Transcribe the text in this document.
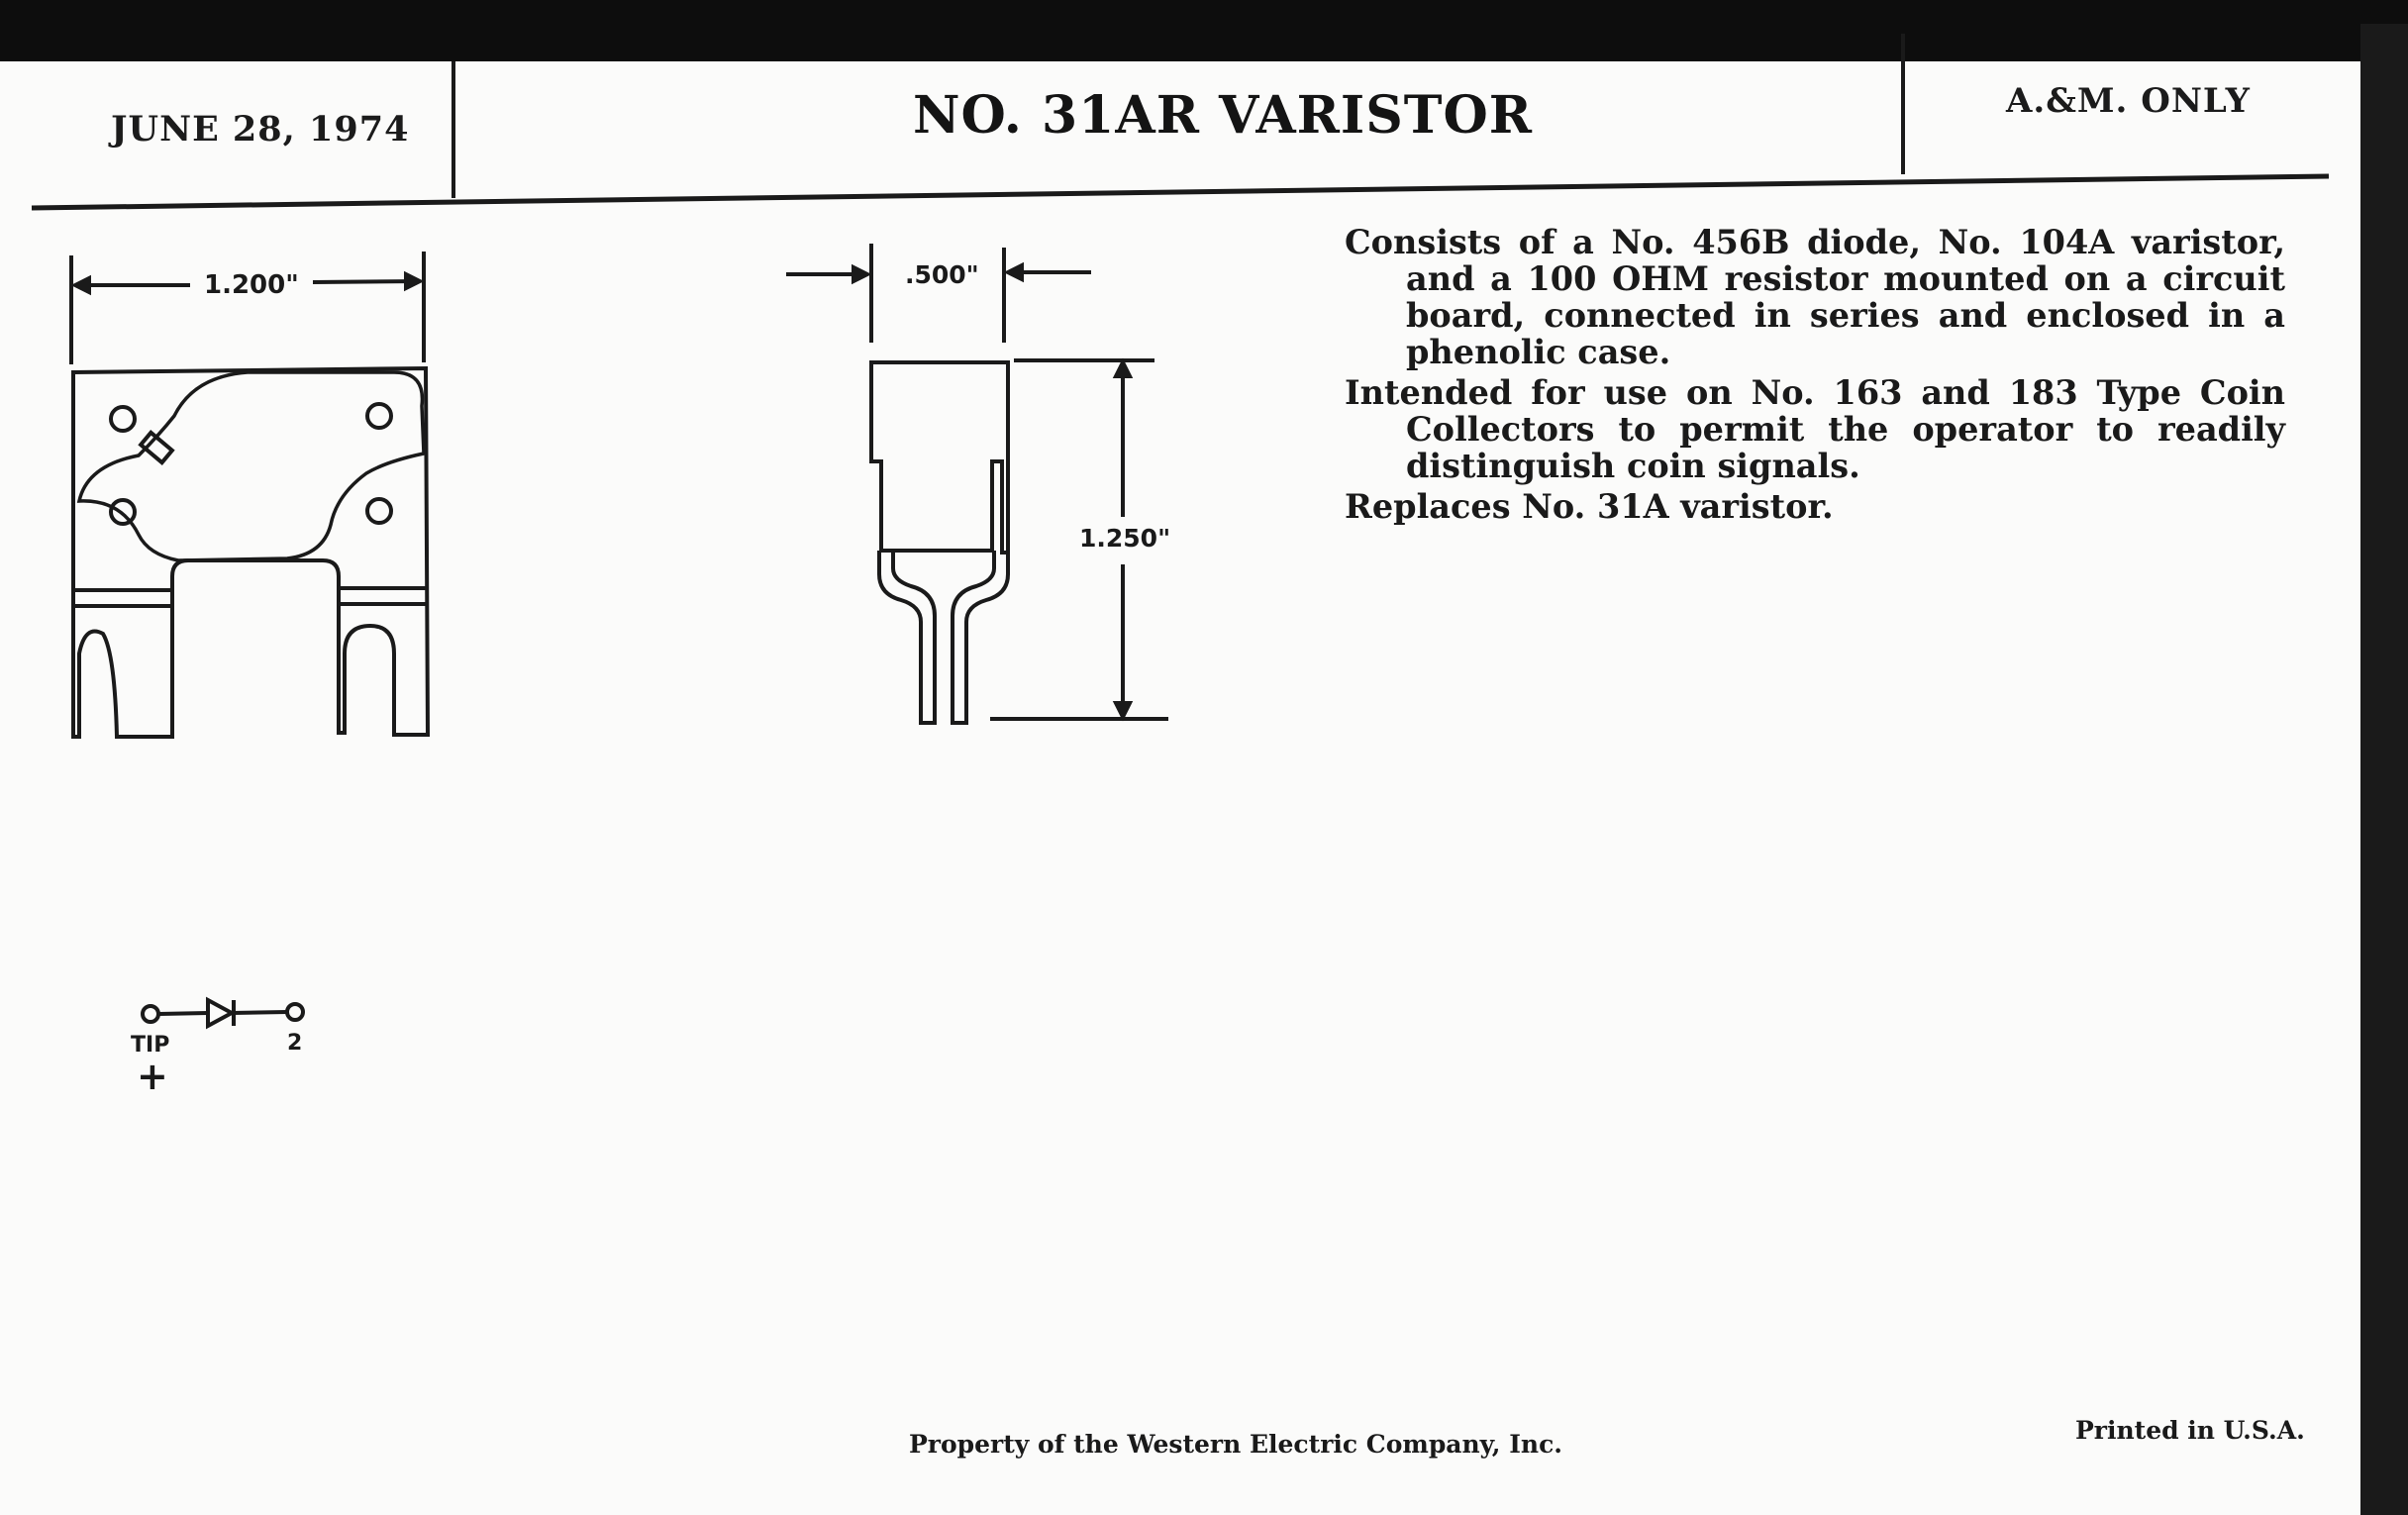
1.200"	.500"
1.250"
TIP
+
2
JUNE 28, 1974	NO. 31AR VARISTOR	A.&M. ONLY

Consists of a No. 456B diode, No. 104A varistor, and a 100 OHM resistor mounted on a circuit board, connected in series and enclosed in a phenolic case.

Intended for use on No. 163 and 183 Type Coin Collectors to permit the operator to readily distinguish coin signals.

Replaces No. 31A varistor.

Property of the Western Electric Company, Inc.	Printed in U.S.A.
